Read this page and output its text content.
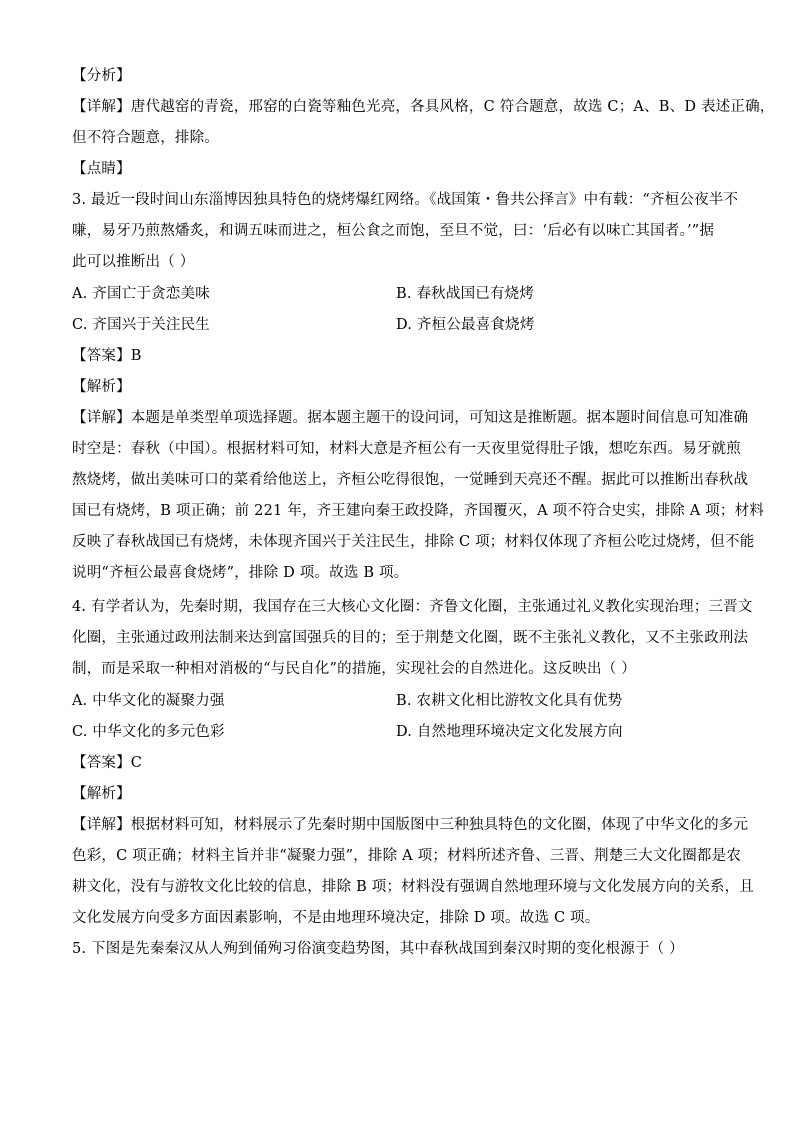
【分析】
【详解】唐代越窑的青瓷，邢窑的白瓷等釉色光亮，各具风格，C 符合题意，故选 C；A、B、D 表述正确，
但不符合题意，排除。
【点睛】
3. 最近一段时间山东淄博因独具特色的烧烤爆红网络。《战国策・鲁共公择言》中有载：“齐桓公夜半不
嗛，易牙乃煎熬燔炙，和调五味而进之，桓公食之而饱，至旦不觉，曰：‘后必有以味亡其国者。’”据
此可以推断出（ ）
A. 齐国亡于贪恋美味	B. 春秋战国已有烧烤
C. 齐国兴于关注民生	D. 齐桓公最喜食烧烤
【答案】B
【解析】
【详解】本题是单类型单项选择题。据本题主题干的设问词，可知这是推断题。据本题时间信息可知准确
时空是：春秋（中国）。根据材料可知，材料大意是齐桓公有一天夜里觉得肚子饿，想吃东西。易牙就煎
熬烧烤，做出美味可口的菜肴给他送上，齐桓公吃得很饱，一觉睡到天亮还不醒。据此可以推断出春秋战
国已有烧烤，B 项正确；前 221 年，齐王建向秦王政投降，齐国覆灭，A 项不符合史实，排除 A 项；材料
反映了春秋战国已有烧烤，未体现齐国兴于关注民生，排除 C 项；材料仅体现了齐桓公吃过烧烤，但不能
说明“齐桓公最喜食烧烤”，排除 D 项。故选 B 项。
4. 有学者认为，先秦时期，我国存在三大核心文化圈：齐鲁文化圈，主张通过礼义教化实现治理；三晋文
化圈，主张通过政刑法制来达到富国强兵的目的；至于荆楚文化圈，既不主张礼义教化，又不主张政刑法
制，而是采取一种相对消极的“与民自化”的措施，实现社会的自然进化。这反映出（ ）
A. 中华文化的凝聚力强	B. 农耕文化相比游牧文化具有优势
C. 中华文化的多元色彩	D. 自然地理环境决定文化发展方向
【答案】C
【解析】
【详解】根据材料可知，材料展示了先秦时期中国版图中三种独具特色的文化圈，体现了中华文化的多元
色彩，C 项正确；材料主旨并非“凝聚力强”，排除 A 项；材料所述齐鲁、三晋、荆楚三大文化圈都是农
耕文化，没有与游牧文化比较的信息，排除 B 项；材料没有强调自然地理环境与文化发展方向的关系，且
文化发展方向受多方面因素影响，不是由地理环境决定，排除 D 项。故选 C 项。
5. 下图是先秦秦汉从人殉到俑殉习俗演变趋势图，其中春秋战国到秦汉时期的变化根源于（ ）
